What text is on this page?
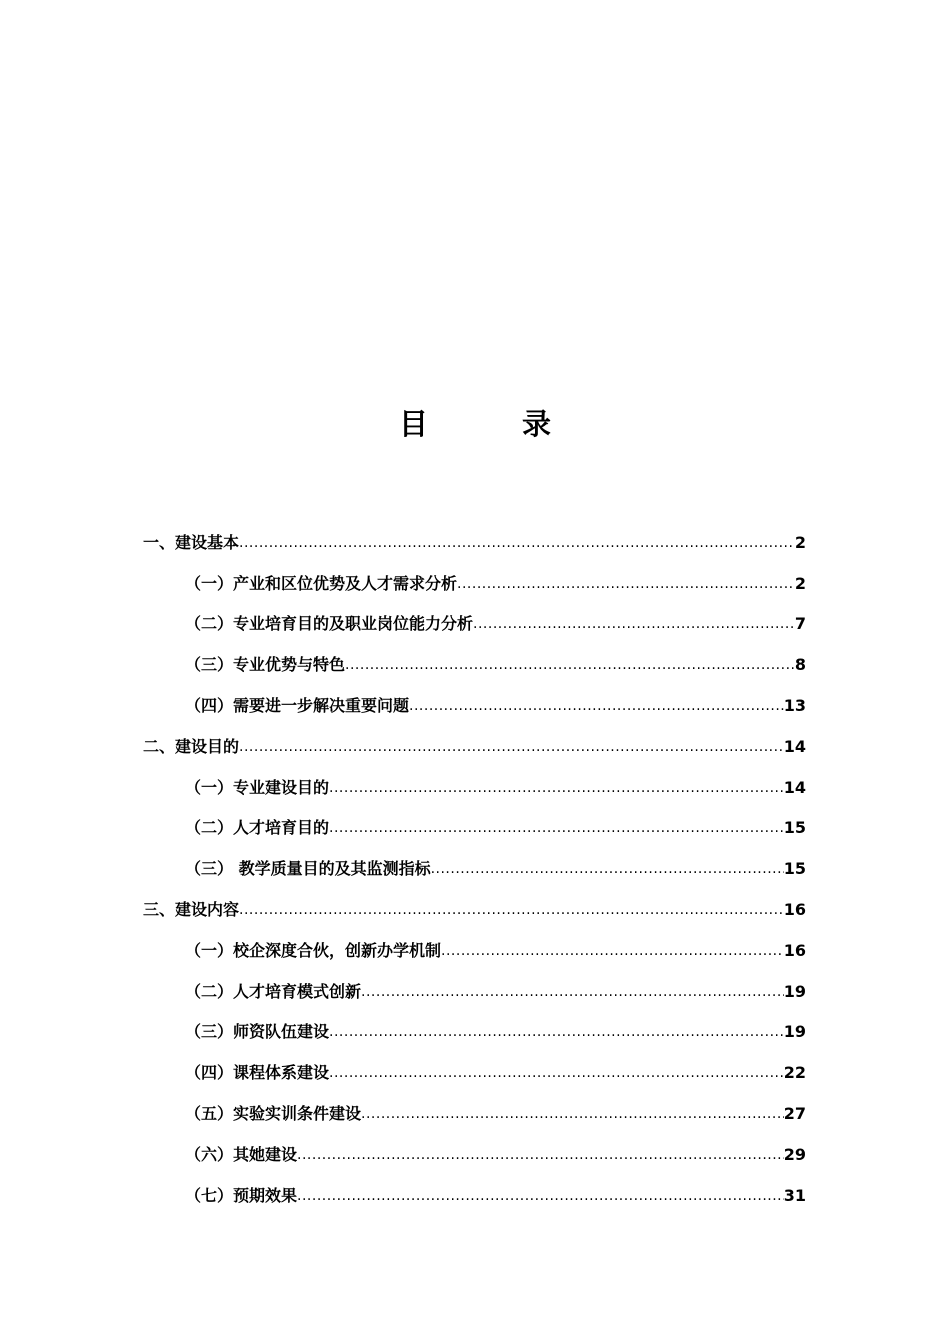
目 录
一、建设基本 .....	2
（一）产业和区位优势及人才需求分析 .....	2
（二）专业培育目的及职业岗位能力分析 .....	7
（三）专业优势与特色 .....	8
（四）需要进一步解决重要问题 .....	13
二、建设目的 .....	14
（一）专业建设目的 .....	14
（二）人才培育目的 .....	15
（三） 教学质量目的及其监测指标 .....	15
三、建设内容 .....	16
（一）校企深度合伙，创新办学机制 .....	16
（二）人才培育模式创新 .....	19
（三）师资队伍建设 .....	19
（四）课程体系建设 .....	22
（五）实验实训条件建设 .....	27
（六）其她建设 .....	29
（七）预期效果 .....	31
